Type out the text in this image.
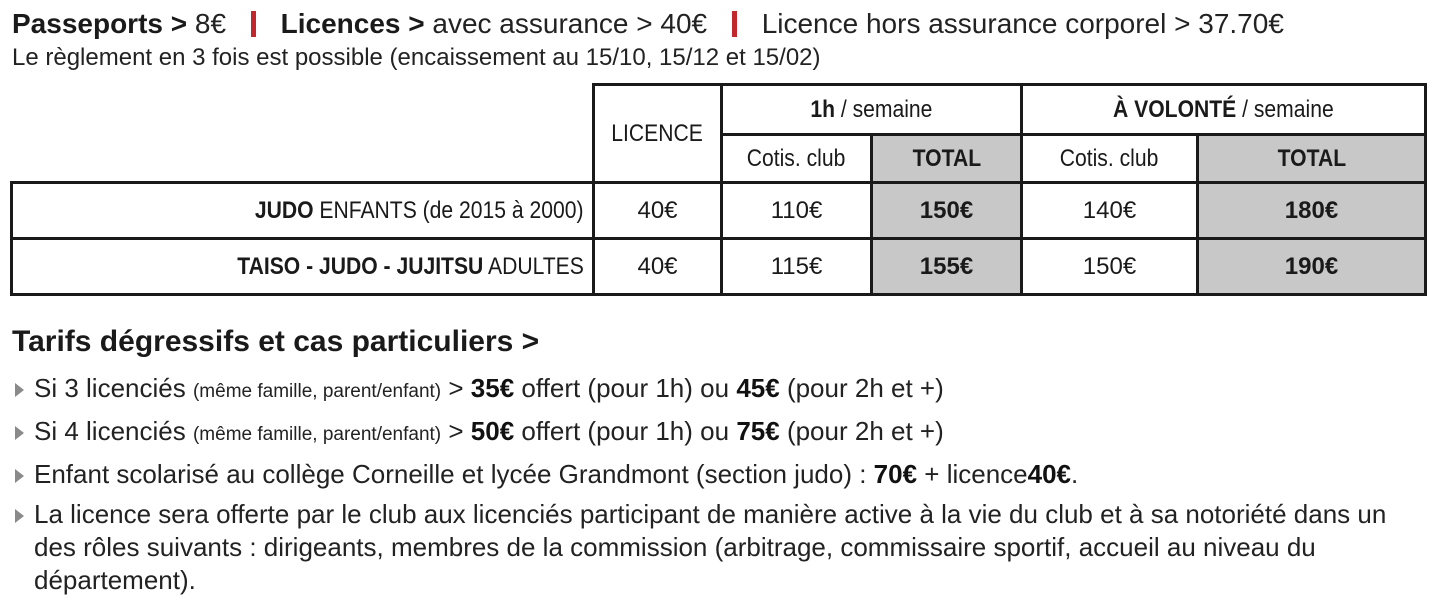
Passeports > 8€ Licences > avec assurance > 40€ Licence hors assurance corporel > 37.70€
Le règlement en 3 fois est possible (encaissement au 15/10, 15/12 et 15/02)
	LICENCE	1h / semaine		À VOLONTÉ / semaine	
		Cotis. club	TOTAL	Cotis. club	TOTAL
JUDO ENFANTS (de 2015 à 2000)	40€	110€	150€	140€	180€
TAISO - JUDO - JUJITSU ADULTES	40€	115€	155€	150€	190€
Tarifs dégressifs et cas particuliers >
Si 3 licenciés (même famille, parent/enfant) > 35€ offert (pour 1h) ou 45€ (pour 2h et +)
Si 4 licenciés (même famille, parent/enfant) > 50€ offert (pour 1h) ou 75€ (pour 2h et +)
Enfant scolarisé au collège Corneille et lycée Grandmont (section judo) : 70€ + licence40€.
La licence sera offerte par le club aux licenciés participant de manière active à la vie du club et à sa notoriété dans un des rôles suivants : dirigeants, membres de la commission (arbitrage, commissaire sportif, accueil au niveau du département).
